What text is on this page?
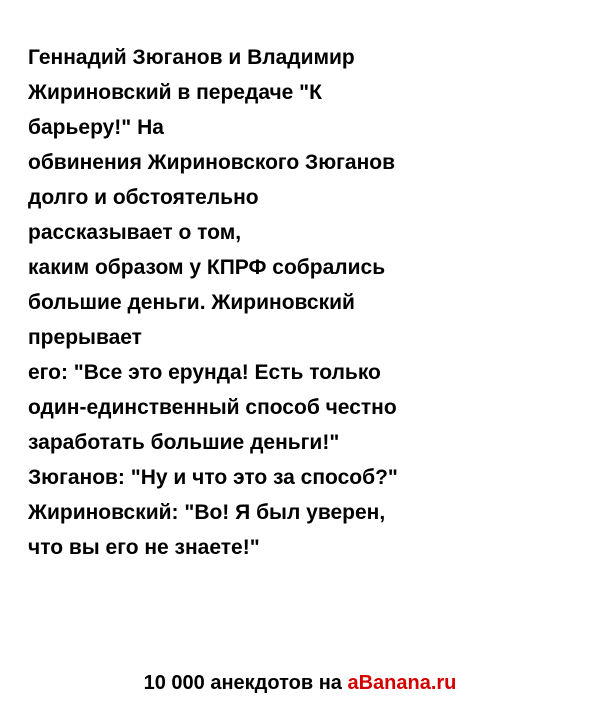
Геннадий Зюганов и Владимир
Жириновский в передаче "К
барьеру!" На
обвинения Жириновского Зюганов
долго и обстоятельно
рассказывает о том,
каким образом у КПРФ собрались
большие деньги. Жириновский
прерывает
его: "Все это ерунда! Есть только
один-единственный способ честно
заработать большие деньги!"
Зюганов: "Ну и что это за способ?"
Жириновский: "Во! Я был уверен,
что вы его не знаете!"
10 000 анекдотов на aBanana.ru
